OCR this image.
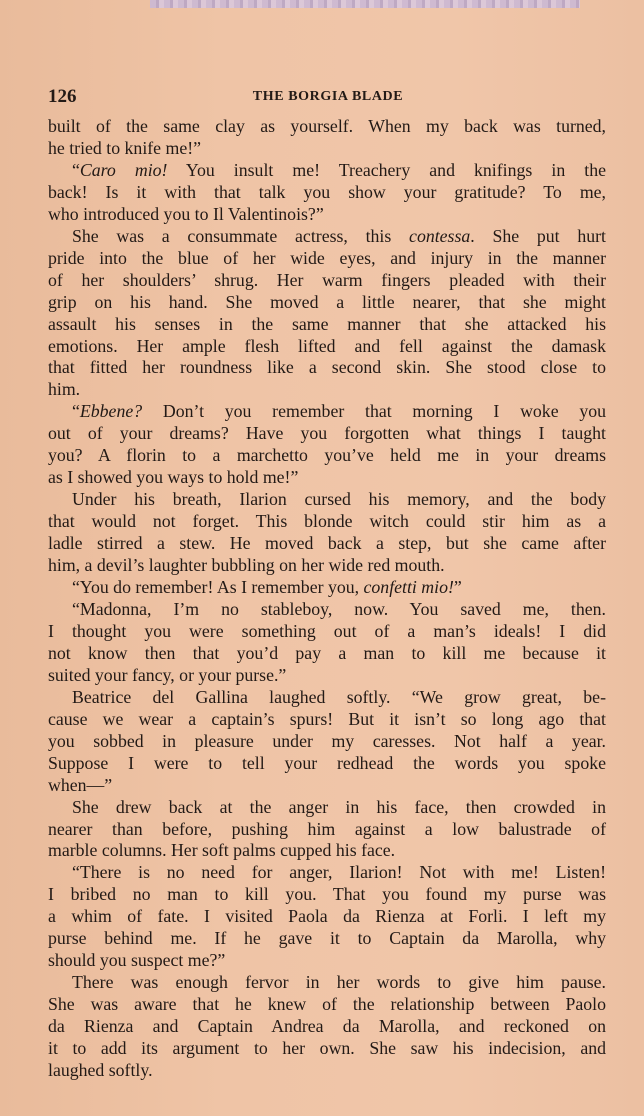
126	THE BORGIA BLADE

built of the same clay as yourself. When my back was turned,
he tried to knife me!”

“Caro mio! You insult me! Treachery and knifings in the
back! Is it with that talk you show your gratitude? To me,
who introduced you to Il Valentinois?”

She was a consummate actress, this contessa. She put hurt
pride into the blue of her wide eyes, and injury in the manner
of her shoulders’ shrug. Her warm fingers pleaded with their
grip on his hand. She moved a little nearer, that she might
assault his senses in the same manner that she attacked his
emotions. Her ample flesh lifted and fell against the damask
that fitted her roundness like a second skin. She stood close to
him.

“Ebbene? Don’t you remember that morning I woke you
out of your dreams? Have you forgotten what things I taught
you? A florin to a marchetto you’ve held me in your dreams
as I showed you ways to hold me!”

Under his breath, Ilarion cursed his memory, and the body
that would not forget. This blonde witch could stir him as a
ladle stirred a stew. He moved back a step, but she came after
him, a devil’s laughter bubbling on her wide red mouth.

“You do remember! As I remember you, confetti mio!”

“Madonna, I’m no stableboy, now. You saved me, then.
I thought you were something out of a man’s ideals! I did
not know then that you’d pay a man to kill me because it
suited your fancy, or your purse.”

Beatrice del Gallina laughed softly. “We grow great, be-
cause we wear a captain’s spurs! But it isn’t so long ago that
you sobbed in pleasure under my caresses. Not half a year.
Suppose I were to tell your redhead the words you spoke
when—”

She drew back at the anger in his face, then crowded in
nearer than before, pushing him against a low balustrade of
marble columns. Her soft palms cupped his face.

“There is no need for anger, Ilarion! Not with me! Listen!
I bribed no man to kill you. That you found my purse was
a whim of fate. I visited Paola da Rienza at Forli. I left my
purse behind me. If he gave it to Captain da Marolla, why
should you suspect me?”

There was enough fervor in her words to give him pause.
She was aware that he knew of the relationship between Paolo
da Rienza and Captain Andrea da Marolla, and reckoned on
it to add its argument to her own. She saw his indecision, and
laughed softly.
